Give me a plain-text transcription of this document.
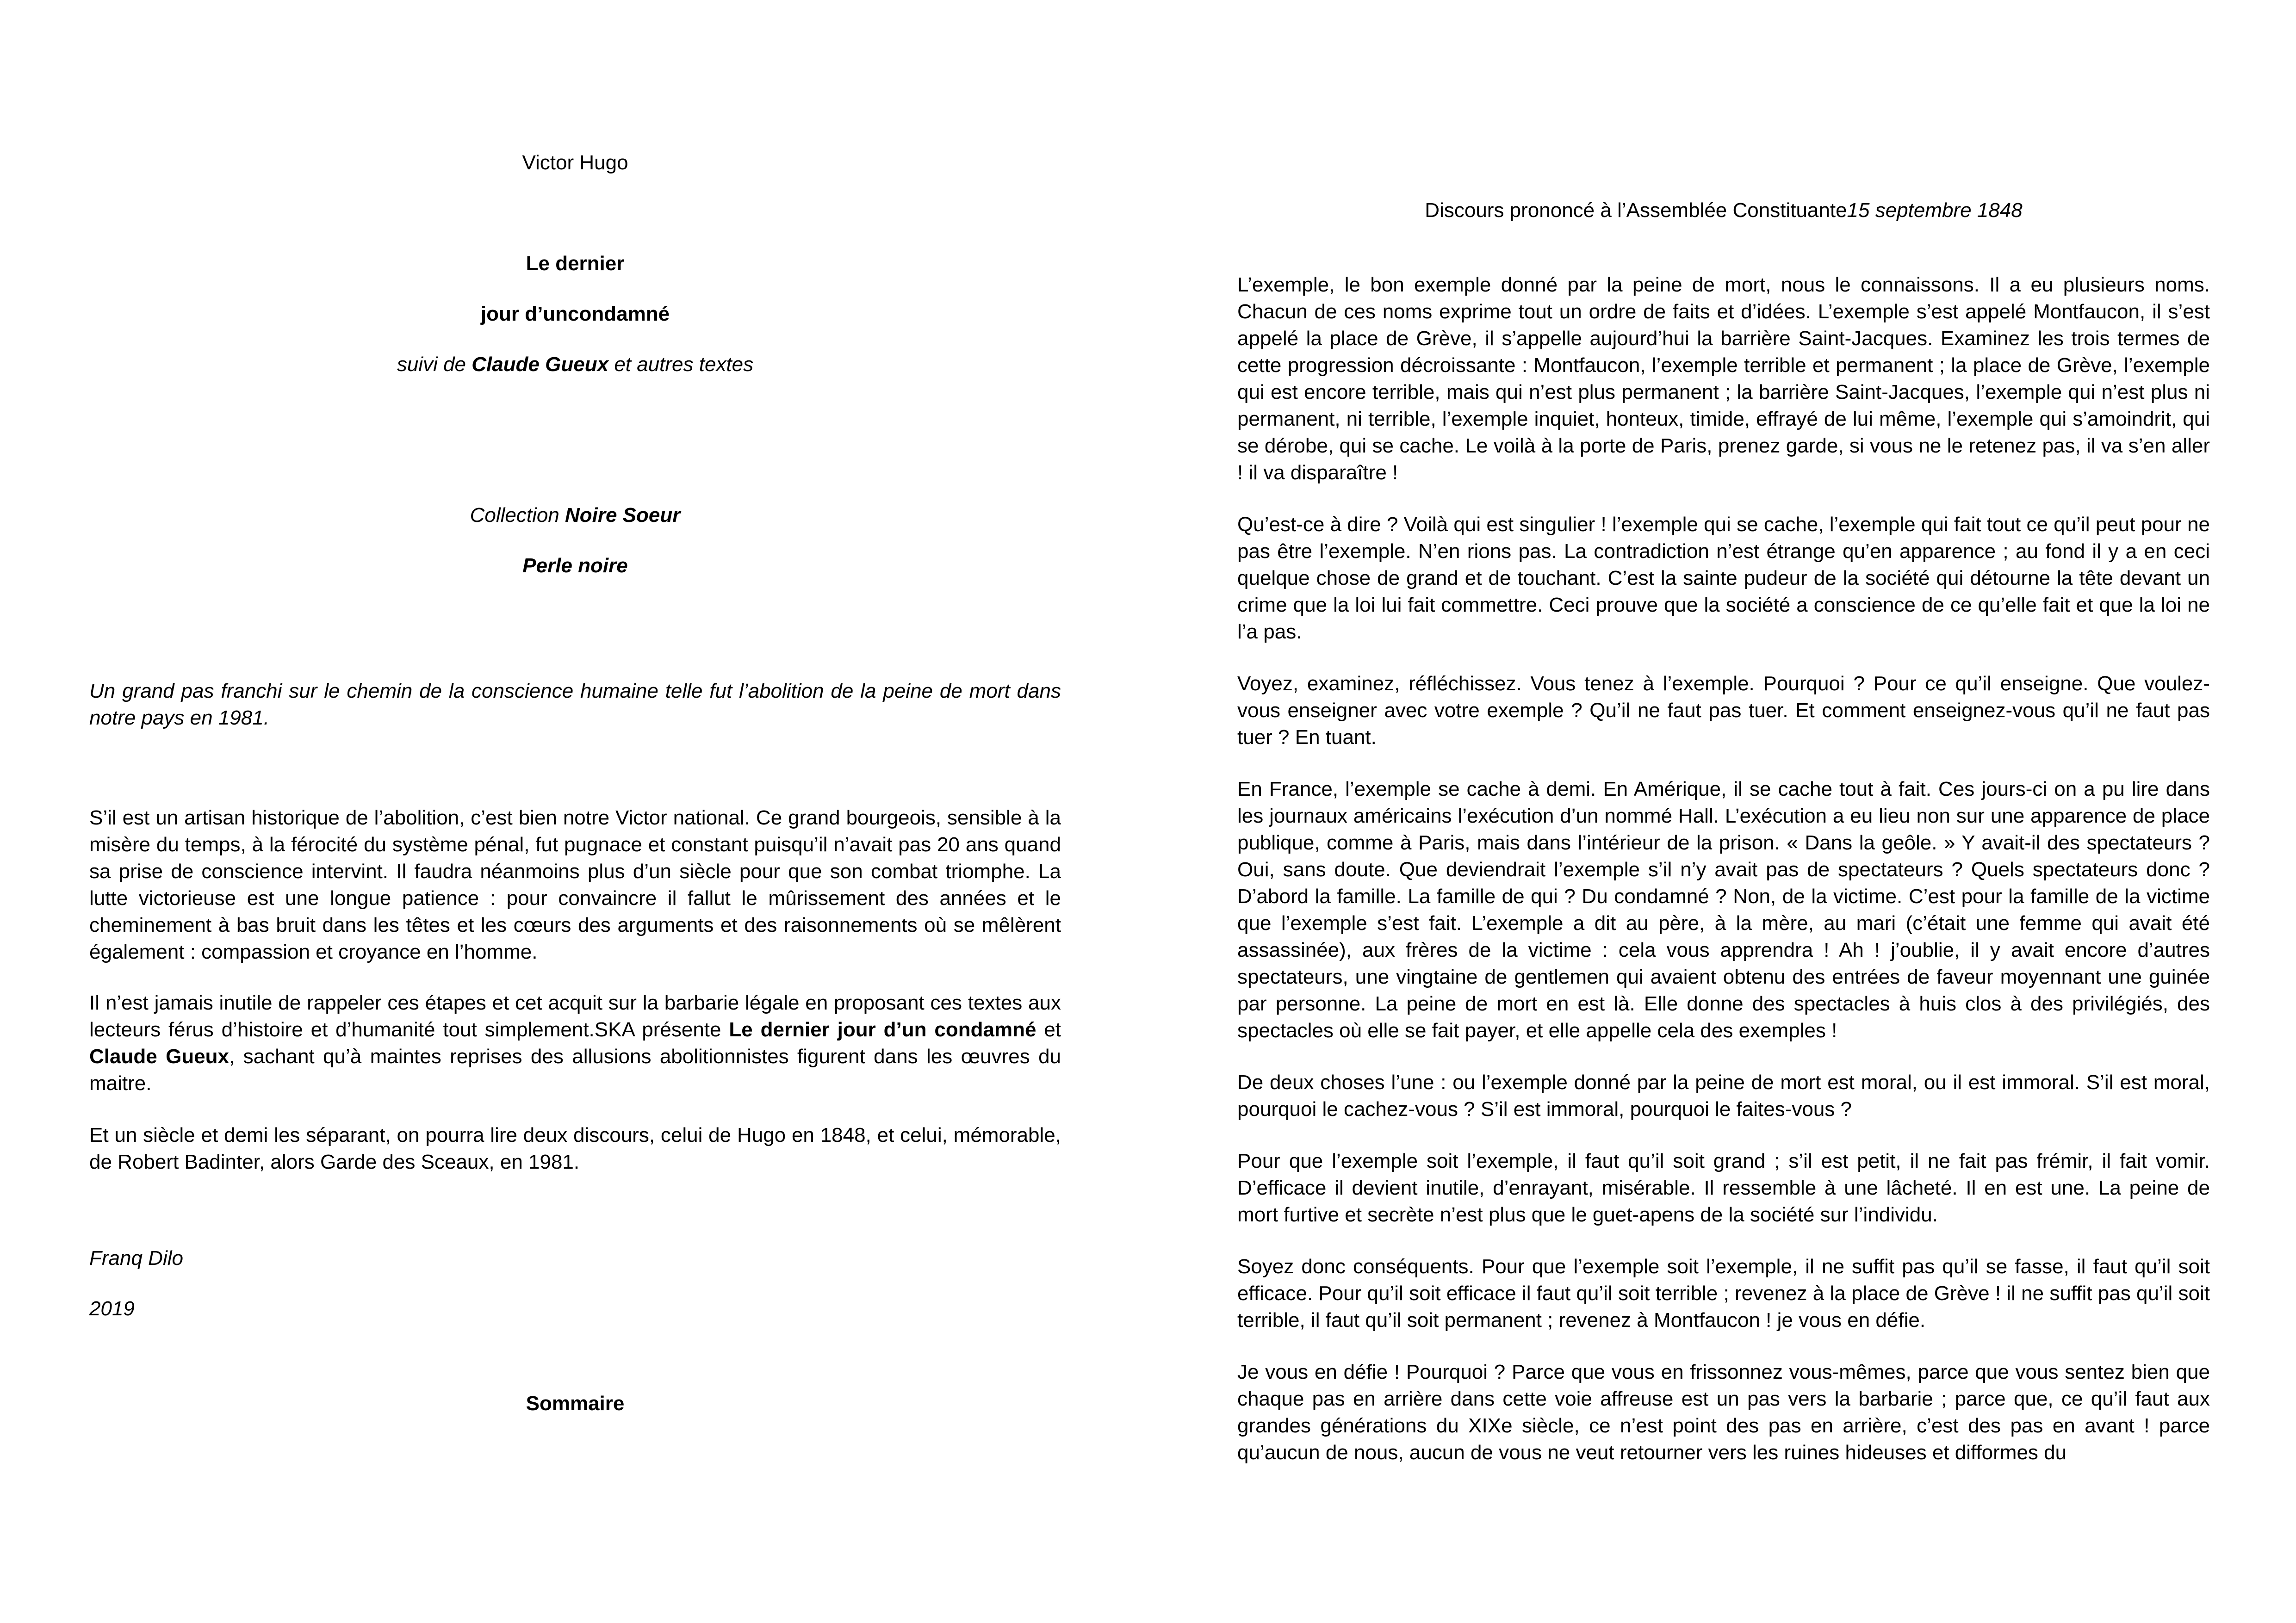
Victor Hugo

Le dernier

jour d’uncondamné

suivi de Claude Gueux et autres textes

Collection Noire Soeur

Perle noire

Un grand pas franchi sur le chemin de la conscience humaine telle fut l’abolition de la peine de mort dans notre pays en 1981.

S’il est un artisan historique de l’abolition, c’est bien notre Victor national. Ce grand bourgeois, sensible à la misère du temps, à la férocité du système pénal, fut pugnace et constant puisqu’il n’avait pas 20 ans quand sa prise de conscience intervint. Il faudra néanmoins plus d’un siècle pour que son combat triomphe. La lutte victorieuse est une longue patience : pour convaincre il fallut le mûrissement des années et le cheminement à bas bruit dans les têtes et les cœurs des arguments et des raisonnements où se mêlèrent également : compassion et croyance en l’homme.

Il n’est jamais inutile de rappeler ces étapes et cet acquit sur la barbarie légale en proposant ces textes aux lecteurs férus d’histoire et d’humanité tout simplement.SKA présente Le dernier jour d’un condamné et Claude Gueux, sachant qu’à maintes reprises des allusions abolitionnistes figurent dans les œuvres du maitre.

Et un siècle et demi les séparant, on pourra lire deux discours, celui de Hugo en 1848, et celui, mémorable, de Robert Badinter, alors Garde des Sceaux, en 1981.

Franq Dilo

2019

Sommaire

Discours prononcé à l’Assemblée Constituante15 septembre 1848

L’exemple, le bon exemple donné par la peine de mort, nous le connaissons. Il a eu plusieurs noms. Chacun de ces noms exprime tout un ordre de faits et d’idées. L’exemple s’est appelé Montfaucon, il s’est appelé la place de Grève, il s’appelle aujourd’hui la barrière Saint-Jacques. Examinez les trois termes de cette progression décroissante : Montfaucon, l’exemple terrible et permanent ; la place de Grève, l’exemple qui est encore terrible, mais qui n’est plus permanent ; la barrière Saint-Jacques, l’exemple qui n’est plus ni permanent, ni terrible, l’exemple inquiet, honteux, timide, effrayé de lui même, l’exemple qui s’amoindrit, qui se dérobe, qui se cache. Le voilà à la porte de Paris, prenez garde, si vous ne le retenez pas, il va s’en aller ! il va disparaître !

Qu’est-ce à dire ? Voilà qui est singulier ! l’exemple qui se cache, l’exemple qui fait tout ce qu’il peut pour ne pas être l’exemple. N’en rions pas. La contradiction n’est étrange qu’en apparence ; au fond il y a en ceci quelque chose de grand et de touchant. C’est la sainte pudeur de la société qui détourne la tête devant un crime que la loi lui fait commettre. Ceci prouve que la société a conscience de ce qu’elle fait et que la loi ne l’a pas.

Voyez, examinez, réfléchissez. Vous tenez à l’exemple. Pourquoi ? Pour ce qu’il enseigne. Que voulez-vous enseigner avec votre exemple ? Qu’il ne faut pas tuer. Et comment enseignez-vous qu’il ne faut pas tuer ? En tuant.

En France, l’exemple se cache à demi. En Amérique, il se cache tout à fait. Ces jours-ci on a pu lire dans les journaux américains l’exécution d’un nommé Hall. L’exécution a eu lieu non sur une apparence de place publique, comme à Paris, mais dans l’intérieur de la prison. « Dans la geôle. » Y avait-il des spectateurs ? Oui, sans doute. Que deviendrait l’exemple s’il n’y avait pas de spectateurs ? Quels spectateurs donc ? D’abord la famille. La famille de qui ? Du condamné ? Non, de la victime. C’est pour la famille de la victime que l’exemple s’est fait. L’exemple a dit au père, à la mère, au mari (c’était une femme qui avait été assassinée), aux frères de la victime : cela vous apprendra ! Ah ! j’oublie, il y avait encore d’autres spectateurs, une vingtaine de gentlemen qui avaient obtenu des entrées de faveur moyennant une guinée par personne. La peine de mort en est là. Elle donne des spectacles à huis clos à des privilégiés, des spectacles où elle se fait payer, et elle appelle cela des exemples !

De deux choses l’une : ou l’exemple donné par la peine de mort est moral, ou il est immoral. S’il est moral, pourquoi le cachez-vous ? S’il est immoral, pourquoi le faites-vous ?

Pour que l’exemple soit l’exemple, il faut qu’il soit grand ; s’il est petit, il ne fait pas frémir, il fait vomir. D’efficace il devient inutile, d’enrayant, misérable. Il ressemble à une lâcheté. Il en est une. La peine de mort furtive et secrète n’est plus que le guet-apens de la société sur l’individu.

Soyez donc conséquents. Pour que l’exemple soit l’exemple, il ne suffit pas qu’il se fasse, il faut qu’il soit efficace. Pour qu’il soit efficace il faut qu’il soit terrible ; revenez à la place de Grève ! il ne suffit pas qu’il soit terrible, il faut qu’il soit permanent ; revenez à Montfaucon ! je vous en défie.

Je vous en défie ! Pourquoi ? Parce que vous en frissonnez vous-mêmes, parce que vous sentez bien que chaque pas en arrière dans cette voie affreuse est un pas vers la barbarie ; parce que, ce qu’il faut aux grandes générations du XIXe siècle, ce n’est point des pas en arrière, c’est des pas en avant ! parce qu’aucun de nous, aucun de vous ne veut retourner vers les ruines hideuses et difformes du
